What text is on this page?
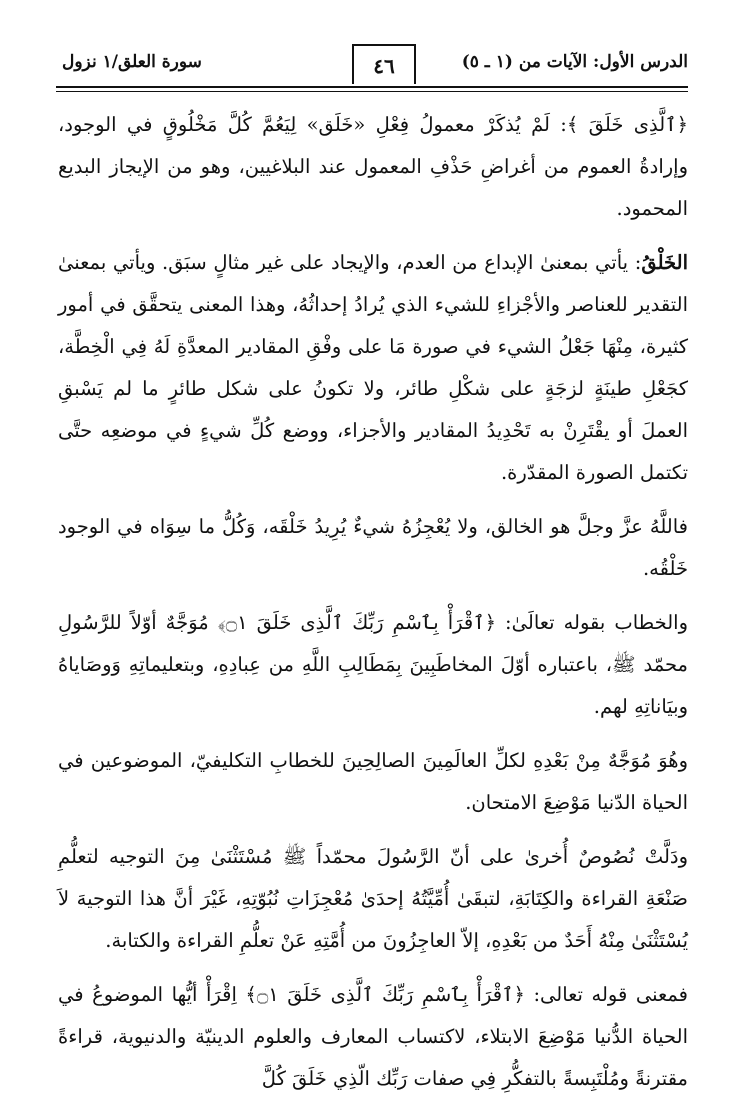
الدرس الأول: الآيات من (١ ـ ٥)
٤٦
سورة العلق/١ نزول

﴿ٱلَّذِى خَلَقَ ﴾: لَمْ يُذكَرْ معمولُ فِعْلِ «خَلَق» لِيَعُمَّ كُلَّ مَخْلُوقٍ في الوجود، وإرادةُ العموم من أغراضِ حَذْفِ المعمول عند البلاغيين، وهو من الإيجاز البديع المحمود.

الخَلْقُ: يأتي بمعنىٰ الإبداع من العدم، والإيجاد على غير مثالٍ سبَق. ويأتي بمعنىٰ التقدير للعناصر والأجْزاءِ للشيء الذي يُرادُ إحداثُهُ، وهذا المعنى يتحقَّق في أمور كثيرة، مِنْهَا جَعْلُ الشيء في صورة مَا على وفْقِ المقادير المعدَّةِ لَهُ فِي الْخِطَّة، كجَعْلِ طينَةٍ لزجَةٍ على شكْلِ طائر، ولا تكونُ على شكل طائرٍ ما لم يَسْبقِ العملَ أو يقْتَرِنْ به تَحْدِيدُ المقادير والأجزاء، ووضع كُلِّ شيءٍ في موضعِه حتَّى تكتمل الصورة المقدّرة.

فاللَّهُ عزَّ وجلَّ هو الخالق، ولا يُعْجِزُهُ شيءٌ يُرِيدُ خَلْقَه، وَكُلُّ ما سِوَاه في الوجود خَلْقُه.

والخطاب بقوله تعالَىٰ: ﴿ٱقْرَأْ بِٱسْمِ رَبِّكَ ٱلَّذِى خَلَقَ ۝١﴾ مُوَجَّهٌ أوّلاً للرَّسُولِ محمّد ﷺ، باعتباره أوّلَ المخاطَبِينَ بِمَطَالِبِ اللَّهِ من عِبادِهِ، وبتعليماتِهِ وَوصَاياهُ وبيَاناتِهِ لهم.

وهُوَ مُوَجَّهٌ مِنْ بَعْدِهِ لكلِّ العالَمِينَ الصالِحِينَ للخطابِ التكليفيّ، الموضوعين في الحياة الدّنيا مَوْضِعَ الامتحان.

ودَلَّتْ نُصُوصٌ أُخرىٰ على أنّ الرَّسُولَ محمّداً ﷺ مُسْتَثْنَىٰ مِنَ التوجيه لتعلُّمِ صَنْعَةِ القراءة والكِتَابَةِ، لتبقَىٰ أُمِّيَّتُهُ إحدَىٰ مُعْجِزَاتِ نُبُوّتِهِ، غَيْرَ أنَّ هذا التوجيهَ لاَ يُسْتَثْنَىٰ مِنْهُ أَحَدٌ من بَعْدِهِ، إلاّ العاجِزُونَ من أُمَّتِهِ عَنْ تعلُّمِ القراءة والكتابة.

فمعنى قوله تعالى: ﴿ٱقْرَأْ بِٱسْمِ رَبِّكَ ٱلَّذِى خَلَقَ ۝١﴾ اِقْرَأْ أيُّها الموضوعُ في الحياة الدُّنيا مَوْضِعَ الابتلاء، لاكتساب المعارف والعلوم الدينيّة والدنيوية، قراءةً مقترنةً ومُلْتَبِسةً بالتفكُّرِ فِي صفات رَبِّك الّذِي خَلَقَ كُلَّ
